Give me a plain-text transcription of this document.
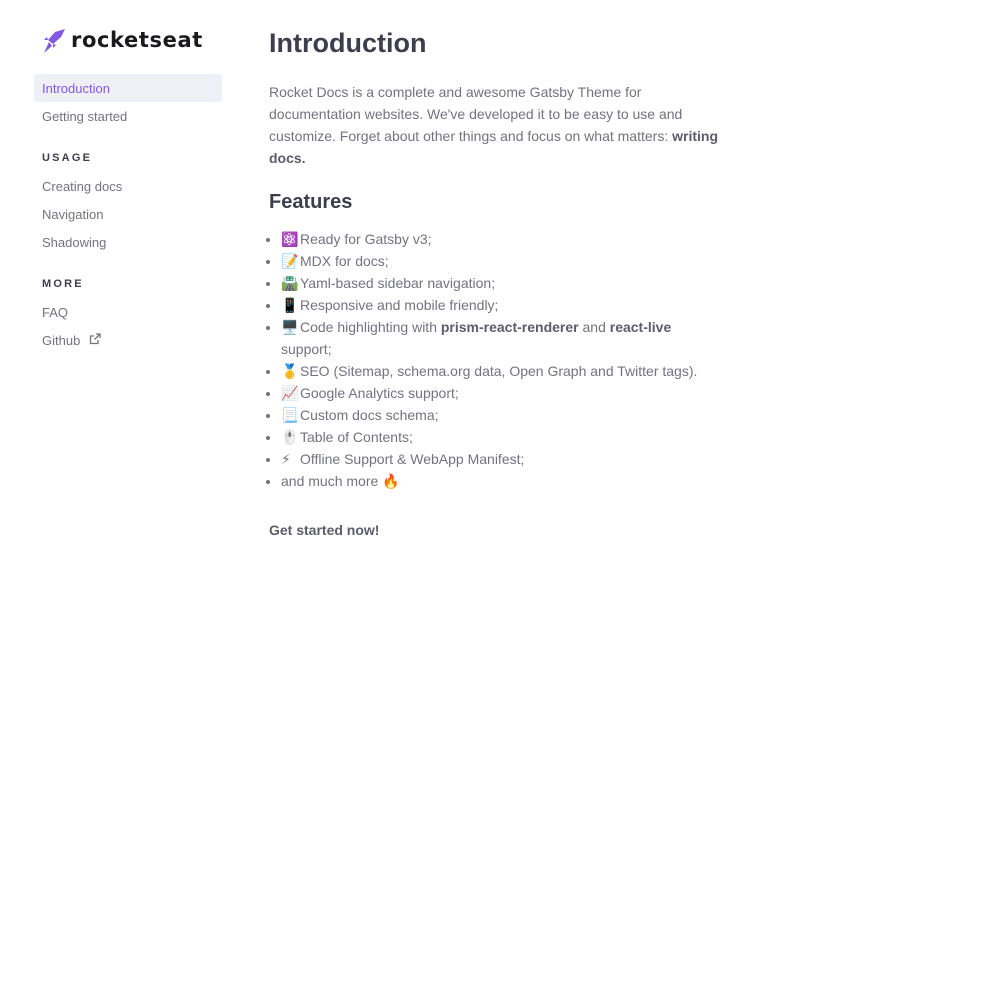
rocketseat
Introduction
Getting started
USAGE
Creating docs
Navigation
Shadowing
MORE
FAQ
Github
Introduction

Rocket Docs is a complete and awesome Gatsby Theme for documentation websites. We've developed it to be easy to use and customize. Forget about other things and focus on what matters: writing docs.

Features
• ⚛️ Ready for Gatsby v3;
• 📝 MDX for docs;
• 🛣️ Yaml-based sidebar navigation;
• 📱 Responsive and mobile friendly;
• 🖥️ Code highlighting with prism-react-renderer and react-live support;
• 🥇 SEO (Sitemap, schema.org data, Open Graph and Twitter tags).
• 📈 Google Analytics support;
• 📃 Custom docs schema;
• 🖱️ Table of Contents;
• ⚡ Offline Support & WebApp Manifest;
• and much more 🔥
Get started now!
